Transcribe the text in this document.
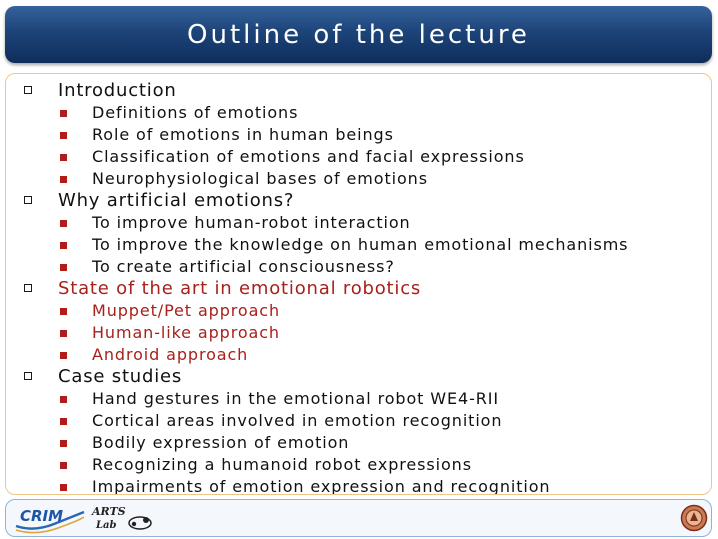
Outline of the lecture
Introduction
Definitions of emotions
Role of emotions in human beings
Classification of emotions and facial expressions
Neurophysiological bases of emotions
Why artificial emotions?
To improve human-robot interaction
To improve the knowledge on human emotional mechanisms
To create artificial consciousness?
State of the art in emotional robotics
Muppet/Pet approach
Human-like approach
Android approach
Case studies
Hand gestures in the emotional robot WE4-RII
Cortical areas involved in emotion recognition
Bodily expression of emotion
Recognizing a humanoid robot expressions
Impairments of emotion expression and recognition
CRIM	ARTS
Lab
